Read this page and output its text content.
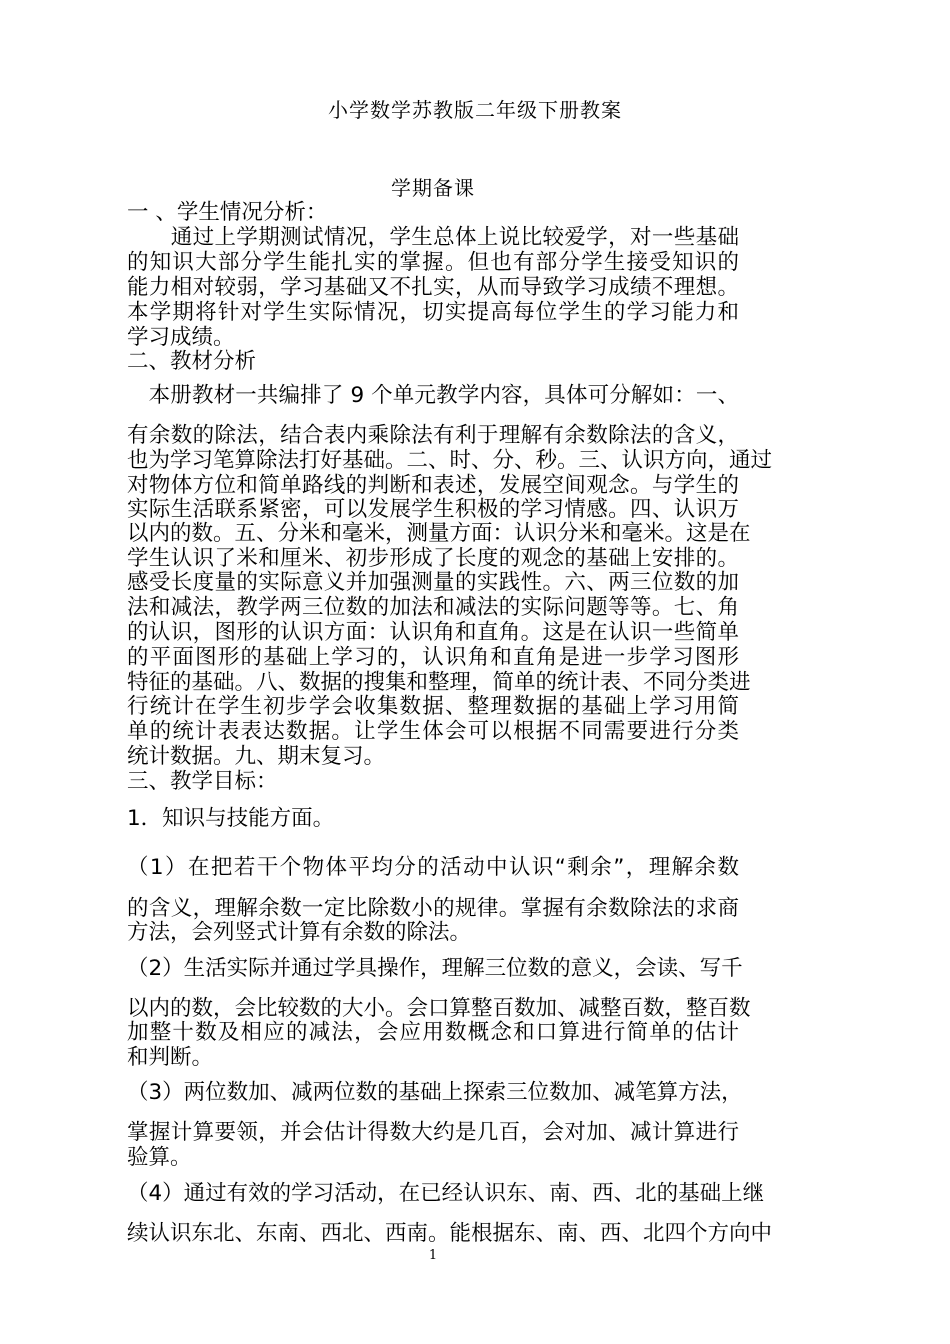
小学数学苏教版二年级下册教案
学期备课
一 、学生情况分析：
　　通过上学期测试情况，学生总体上说比较爱学，对一些基础
的知识大部分学生能扎实的掌握。但也有部分学生接受知识的
能力相对较弱，学习基础又不扎实，从而导致学习成绩不理想。
本学期将针对学生实际情况，切实提高每位学生的学习能力和
学习成绩。
二、教材分析
　本册教材一共编排了 9 个单元教学内容，具体可分解如：一、
有余数的除法，结合表内乘除法有利于理解有余数除法的含义，
也为学习笔算除法打好基础。二、时、分、秒。三、认识方向，通过
对物体方位和简单路线的判断和表述，发展空间观念。与学生的
实际生活联系紧密，可以发展学生积极的学习情感。四、认识万
以内的数。五、分米和毫米，测量方面：认识分米和毫米。这是在
学生认识了米和厘米、初步形成了长度的观念的基础上安排的。
感受长度量的实际意义并加强测量的实践性。六、两三位数的加
法和减法，教学两三位数的加法和减法的实际问题等等。七、角
的认识，图形的认识方面：认识角和直角。这是在认识一些简单
的平面图形的基础上学习的，认识角和直角是进一步学习图形
特征的基础。八、数据的搜集和整理，简单的统计表、不同分类进
行统计在学生初步学会收集数据、整理数据的基础上学习用简
单的统计表表达数据。让学生体会可以根据不同需要进行分类
统计数据。九、期末复习。
三、教学目标：
1．知识与技能方面。
（1）在把若干个物体平均分的活动中认识“剩余”，理解余数
的含义，理解余数一定比除数小的规律。掌握有余数除法的求商
方法，会列竖式计算有余数的除法。
（2）生活实际并通过学具操作，理解三位数的意义，会读、写千
以内的数，会比较数的大小。会口算整百数加、减整百数，整百数
加整十数及相应的减法，会应用数概念和口算进行简单的估计
和判断。
（3）两位数加、减两位数的基础上探索三位数加、减笔算方法，
掌握计算要领，并会估计得数大约是几百，会对加、减计算进行
验算。
（4）通过有效的学习活动，在已经认识东、南、西、北的基础上继
续认识东北、东南、西北、西南。能根据东、南、西、北四个方向中
1
